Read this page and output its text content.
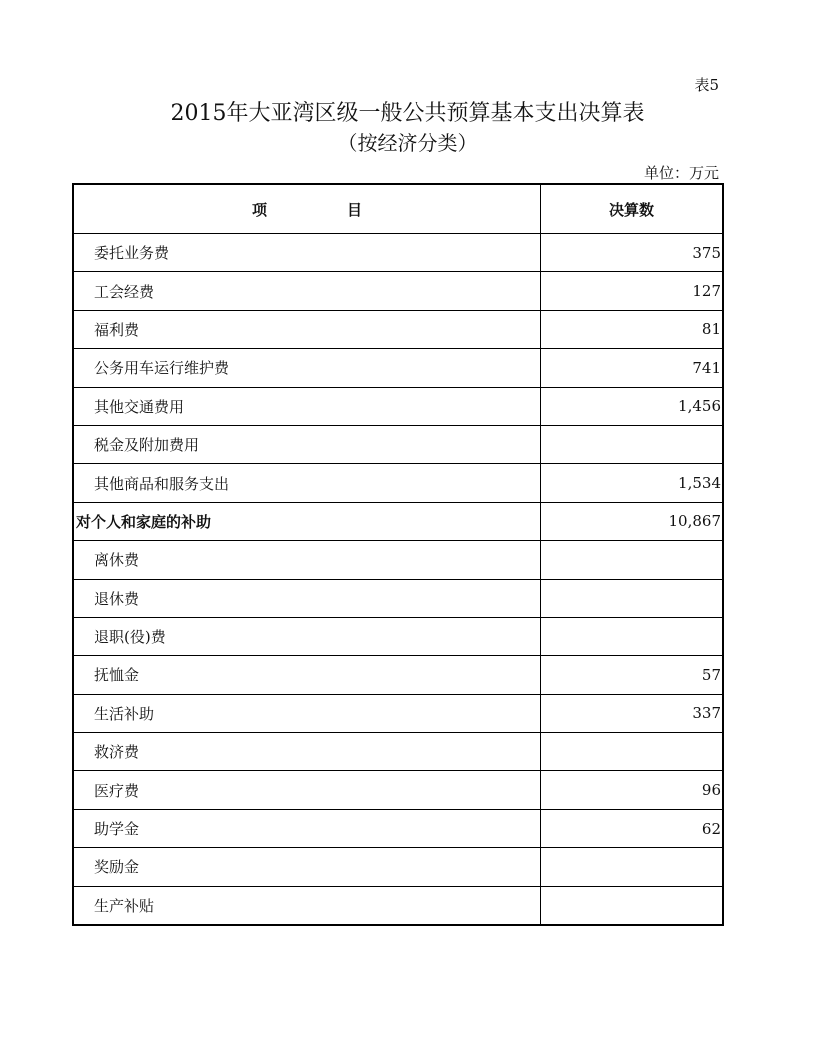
表5
2015年大亚湾区级一般公共预算基本支出决算表
（按经济分类）
单位：万元
项 目	决算数
委托业务费	375
工会经费	127
福利费	81
公务用车运行维护费	741
其他交通费用	1,456
税金及附加费用	
其他商品和服务支出	1,534
对个人和家庭的补助	10,867
离休费	
退休费	
退职(役)费	
抚恤金	57
生活补助	337
救济费	
医疗费	96
助学金	62
奖励金	
生产补贴	
